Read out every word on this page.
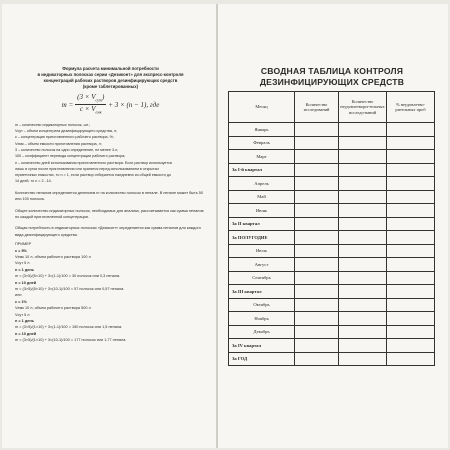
Формула расчета минимальной потребности
в индикаторных полосках серии «Дезиконт» для экспресс-контроля
концентраций рабочих растворов дезинфицирующих средств
(кроме таблетированных)
$m = \frac{(3 \times V_{сут})}{c \times V_{емк}} + 3 \times (n - 1)$, где
m – количество индикаторных полосок, шт.;
Vсут – объем концентрата дезинфицирующего средства, л;
c – концентрация приготовленного рабочего раствора, %;
Vемк – объем емкости приготовления раствора, л;
3 – количество полосок на одно определение, не менее 3-х;
100 – коэффициент перевода концентрации рабочего раствора;
n – количество дней использования приготовленного раствора. Если раствор используется
лишь в сутки после приготовления или хранится перед использованием в открытых
герметичных емкостях, то n = 1, если раствор отбирается ежедневно из общей емкости до
14 дней, то n = 2...14.
Количество пеналов определяется делением m на количество полосок в пенале. В пенале может быть 50 или 100 полосок.
Общее количество индикаторных полосок, необходимых для анализа, рассчитывается как сумма пеналов по каждой приготовленной концентрации.
Общая потребность в индикаторных полосках «Дезиконт» определяется как сумма пеналов для каждого вида дезинфицирующего средства.
ПРИМЕР
c = 5%
Vемк 10 л, объем рабочего раствора 100 л
Vсут 5 л
n = 1 день
m = (3×5)/(5×10) + 3×(1-1)/100 = 30 полосок или 0,3 пенала.
n = 10 дней
m = (3×5)/(5×10) + 3×(10-1)/100 = 57 полосок или 0,57 пенала.
или
c = 1%
Vемк 10 л, объем рабочего раствора 500 л
Vсут 5 л
n = 1 день
m = (3×5)/(1×10) + 3×(1-1)/100 = 150 полосок или 1,5 пенала.
n = 10 дней
m = (3×5)/(1×10) + 3×(10-1)/100 = 177 полосок или 1,77 пенала.
СВОДНАЯ ТАБЛИЦА КОНТРОЛЯ
ДЕЗИНФИЦИРУЮЩИХ СРЕДСТВ
Месяц	Количество исследований	Количество неудовлетвори-тельных исследо-ваний	% неудовлетво-рительных проб
Январь			
Февраль			
Март			
За I-й квартал			
Апрель			
Май			
Июнь			
За II квартал			
За ПОЛУГОДИЕ			
Июль			
Август			
Сентябрь			
За III квартал			
Октябрь			
Ноябрь			
Декабрь			
За IV квартал			
За ГОД			
